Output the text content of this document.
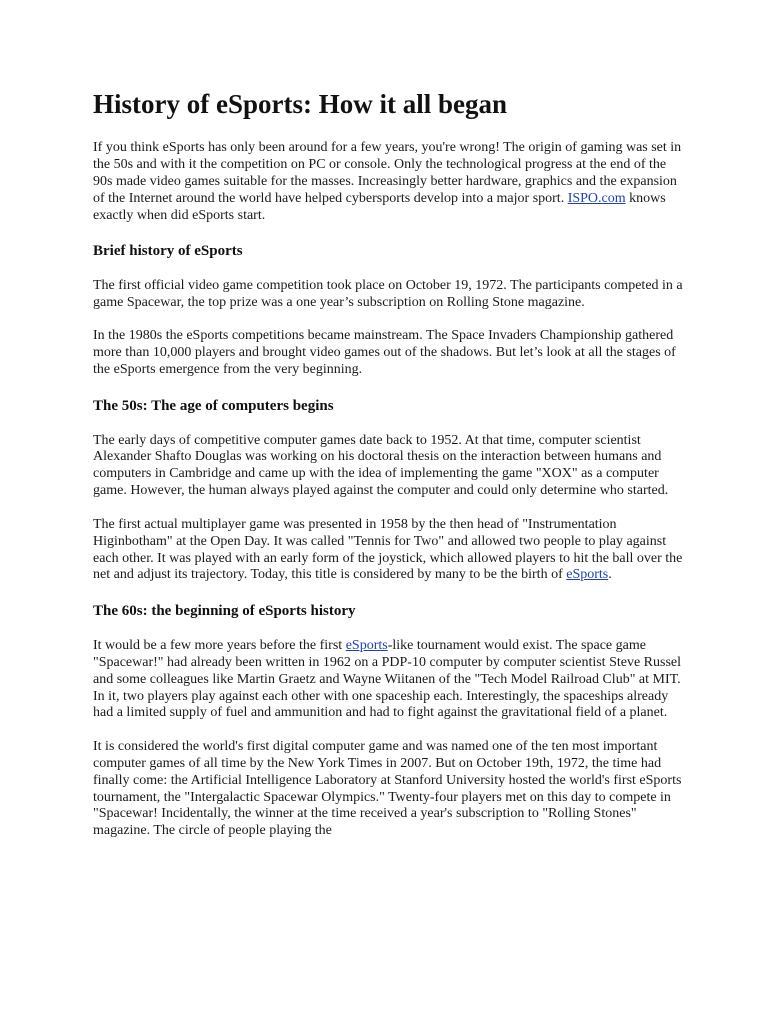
History of eSports: How it all began

If you think eSports has only been around for a few years, you're wrong! The origin of gaming was set in the 50s and with it the competition on PC or console. Only the technological progress at the end of the 90s made video games suitable for the masses. Increasingly better hardware, graphics and the expansion of the Internet around the world have helped cybersports develop into a major sport. ISPO.com knows exactly when did eSports start.

Brief history of eSports

The first official video game competition took place on October 19, 1972. The participants competed in a game Spacewar, the top prize was a one year’s subscription on Rolling Stone magazine.

In the 1980s the eSports competitions became mainstream. The Space Invaders Championship gathered more than 10,000 players and brought video games out of the shadows. But let’s look at all the stages of the eSports emergence from the very beginning.

The 50s: The age of computers begins

The early days of competitive computer games date back to 1952. At that time, computer scientist Alexander Shafto Douglas was working on his doctoral thesis on the interaction between humans and computers in Cambridge and came up with the idea of implementing the game "XOX" as a computer game. However, the human always played against the computer and could only determine who started.

The first actual multiplayer game was presented in 1958 by the then head of "Instrumentation Higinbotham" at the Open Day. It was called "Tennis for Two" and allowed two people to play against each other. It was played with an early form of the joystick, which allowed players to hit the ball over the net and adjust its trajectory. Today, this title is considered by many to be the birth of eSports.

The 60s: the beginning of eSports history

It would be a few more years before the first eSports-like tournament would exist. The space game "Spacewar!" had already been written in 1962 on a PDP-10 computer by computer scientist Steve Russel and some colleagues like Martin Graetz and Wayne Wiitanen of the "Tech Model Railroad Club" at MIT. In it, two players play against each other with one spaceship each. Interestingly, the spaceships already had a limited supply of fuel and ammunition and had to fight against the gravitational field of a planet.

It is considered the world's first digital computer game and was named one of the ten most important computer games of all time by the New York Times in 2007. But on October 19th, 1972, the time had finally come: the Artificial Intelligence Laboratory at Stanford University hosted the world's first eSports tournament, the "Intergalactic Spacewar Olympics." Twenty-four players met on this day to compete in "Spacewar! Incidentally, the winner at the time received a year's subscription to "Rolling Stones" magazine. The circle of people playing the
